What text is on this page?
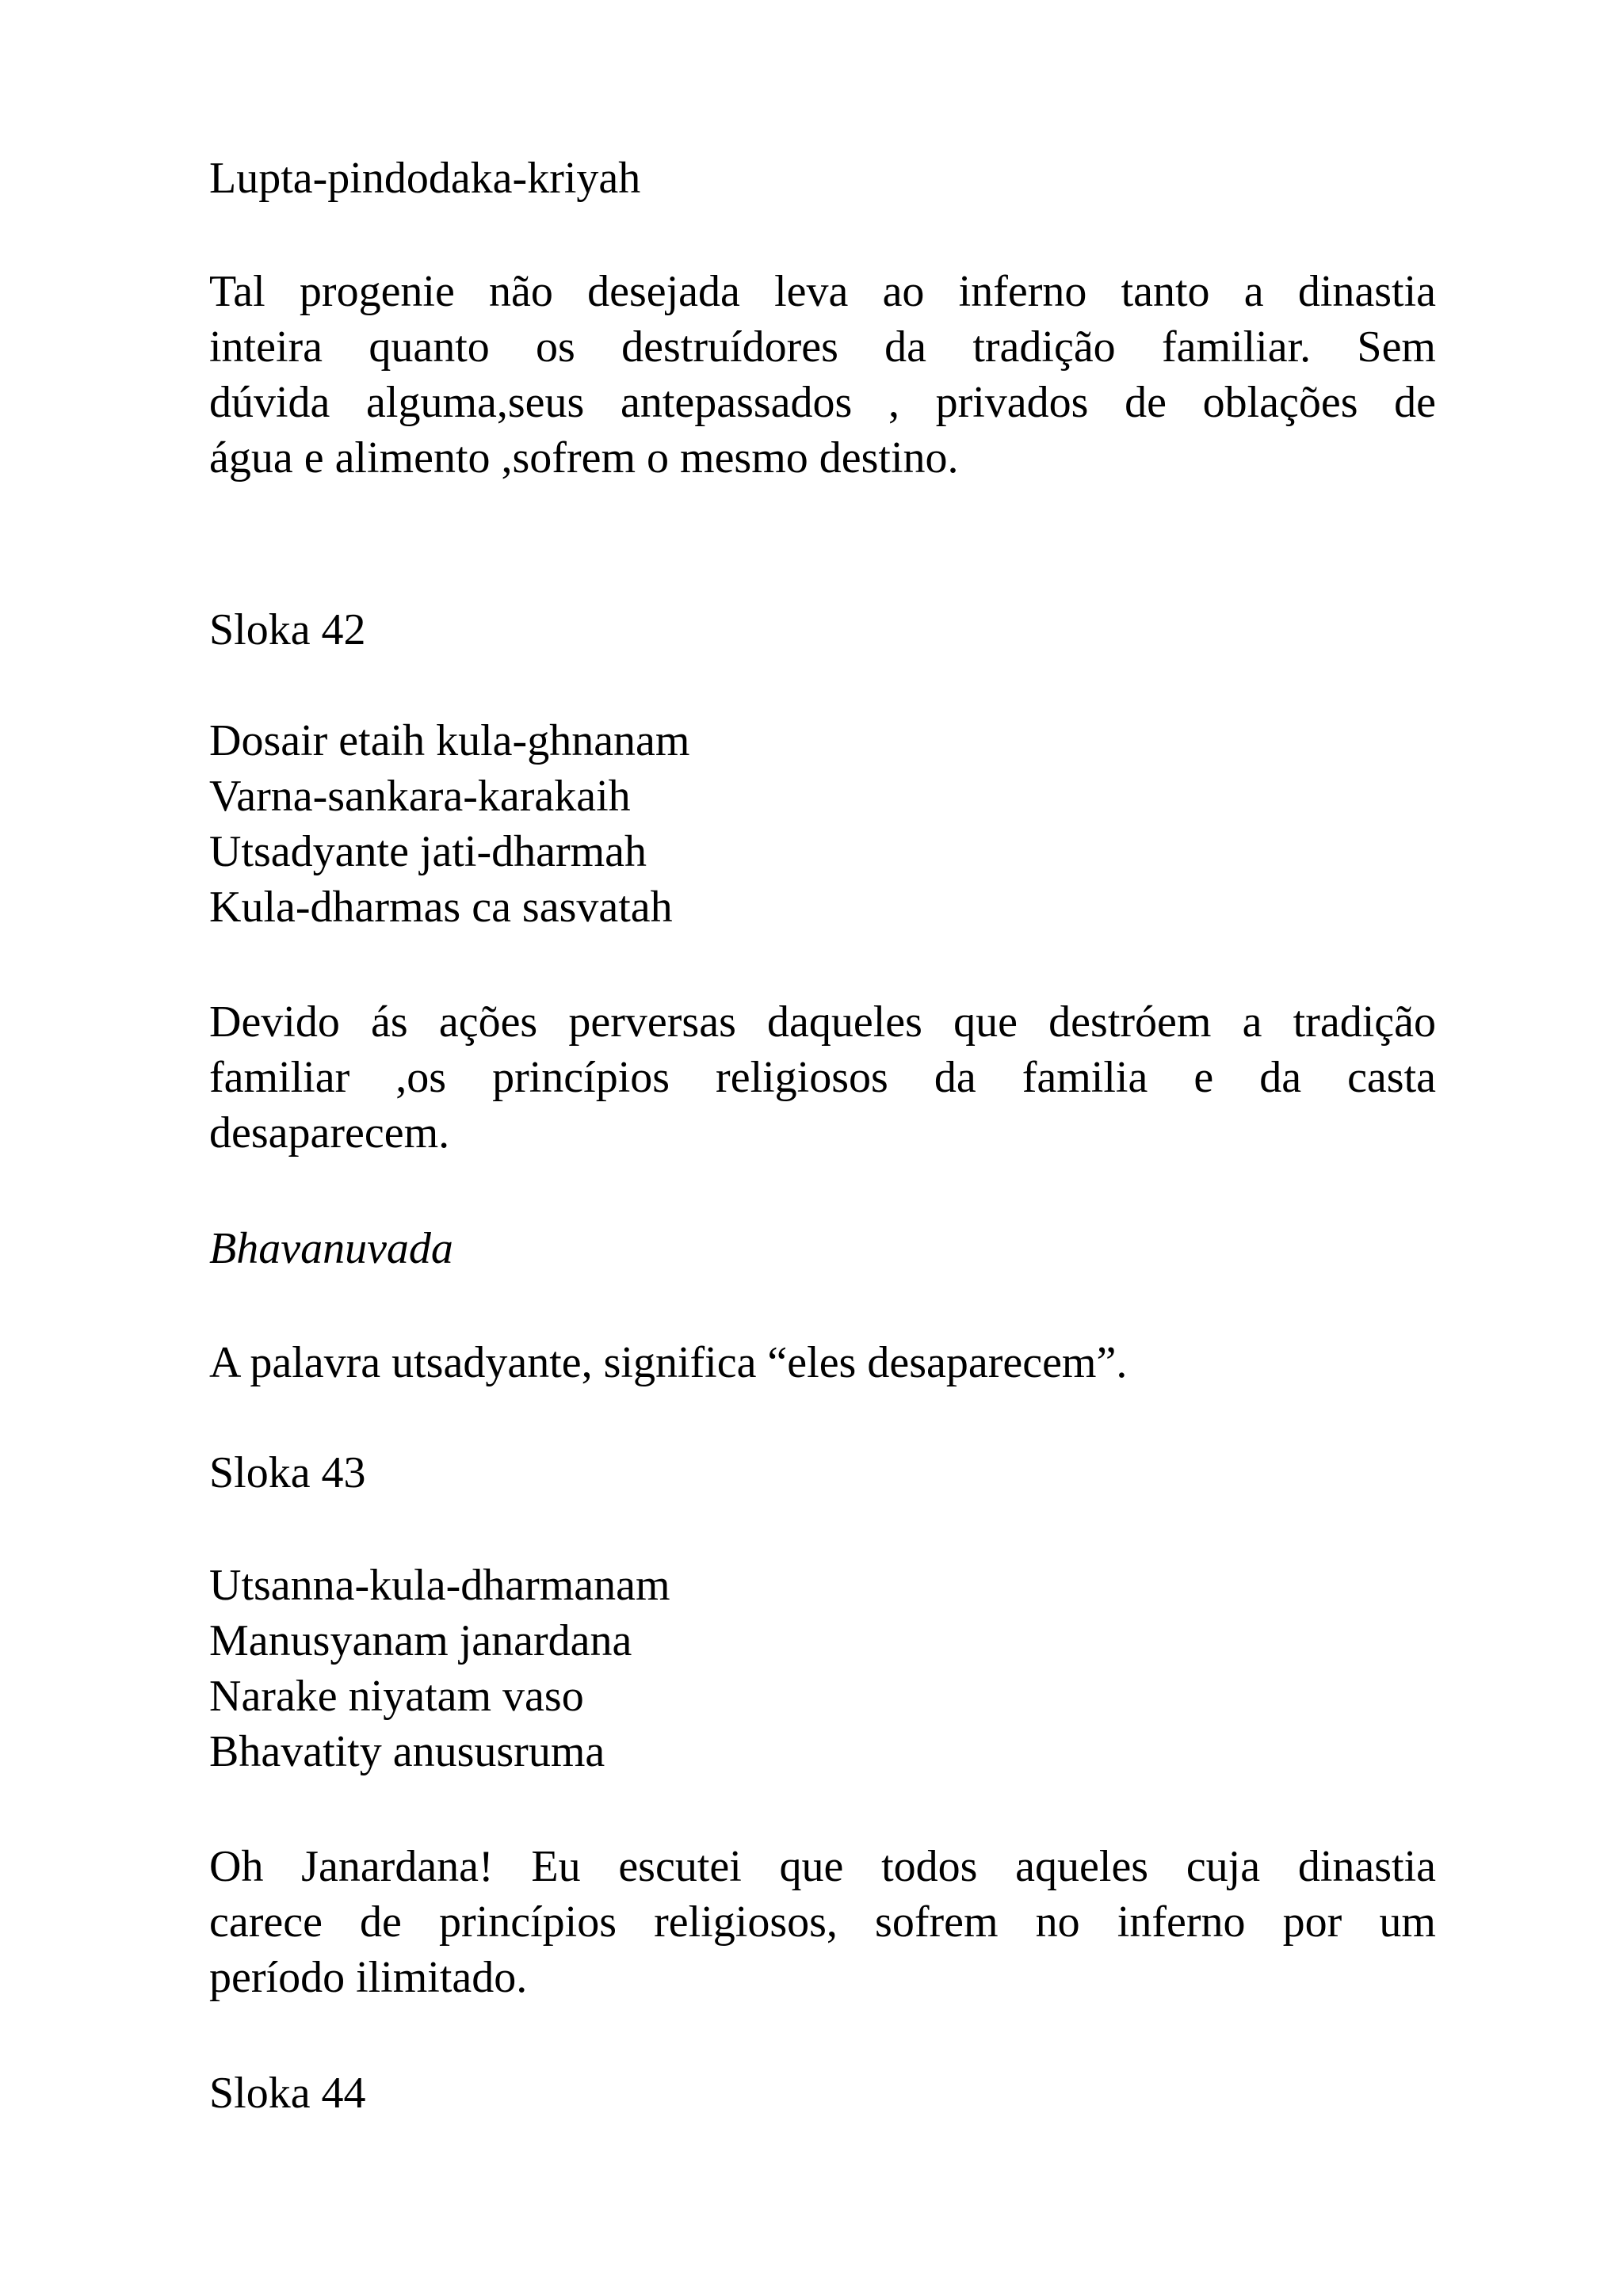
Lupta-pindodaka-kriyah

Tal progenie não desejada leva ao inferno tanto a dinastia
inteira quanto os destruídores da tradição familiar. Sem
dúvida alguma,seus antepassados , privados de oblações de
água e alimento ,sofrem o mesmo destino.

Sloka 42

Dosair etaih kula-ghnanam

Varna-sankara-karakaih

Utsadyante jati-dharmah

Kula-dharmas ca sasvatah

Devido ás ações perversas daqueles que destróem a tradição
familiar ,os princípios religiosos da familia e da casta
desaparecem.

Bhavanuvada

A palavra utsadyante, significa “eles desaparecem”.

Sloka 43

Utsanna-kula-dharmanam

Manusyanam janardana

Narake niyatam vaso

Bhavatity anususruma

Oh Janardana! Eu escutei que todos aqueles cuja dinastia
carece de princípios religiosos, sofrem no inferno por um
período ilimitado.

Sloka 44
